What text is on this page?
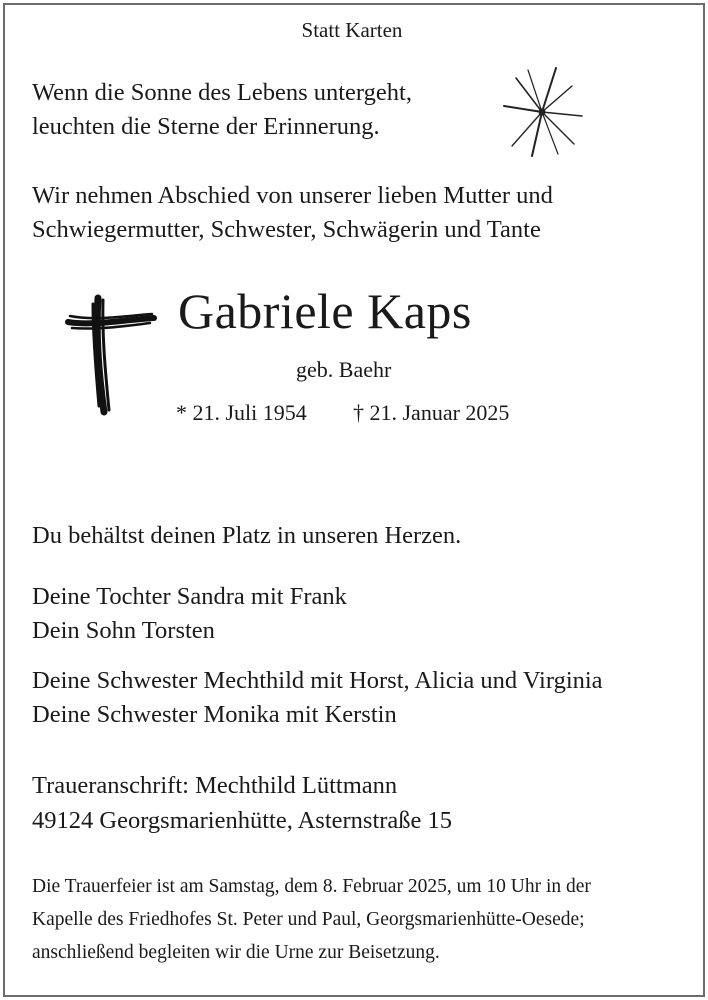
Statt Karten
Wenn die Sonne des Lebens untergeht,
leuchten die Sterne der Erinnerung.
Wir nehmen Abschied von unserer lieben Mutter und
Schwiegermutter, Schwester, Schwägerin und Tante
Gabriele Kaps
geb. Baehr
* 21. Juli 1954 † 21. Januar 2025
Du behältst deinen Platz in unseren Herzen.
Deine Tochter Sandra mit Frank
Dein Sohn Torsten
Deine Schwester Mechthild mit Horst, Alicia und Virginia
Deine Schwester Monika mit Kerstin
Traueranschrift: Mechthild Lüttmann
49124 Georgsmarienhütte, Asternstraße 15
Die Trauerfeier ist am Samstag, dem 8. Februar 2025, um 10 Uhr in der
Kapelle des Friedhofes St. Peter und Paul, Georgsmarienhütte-Oesede;
anschließend begleiten wir die Urne zur Beisetzung.
